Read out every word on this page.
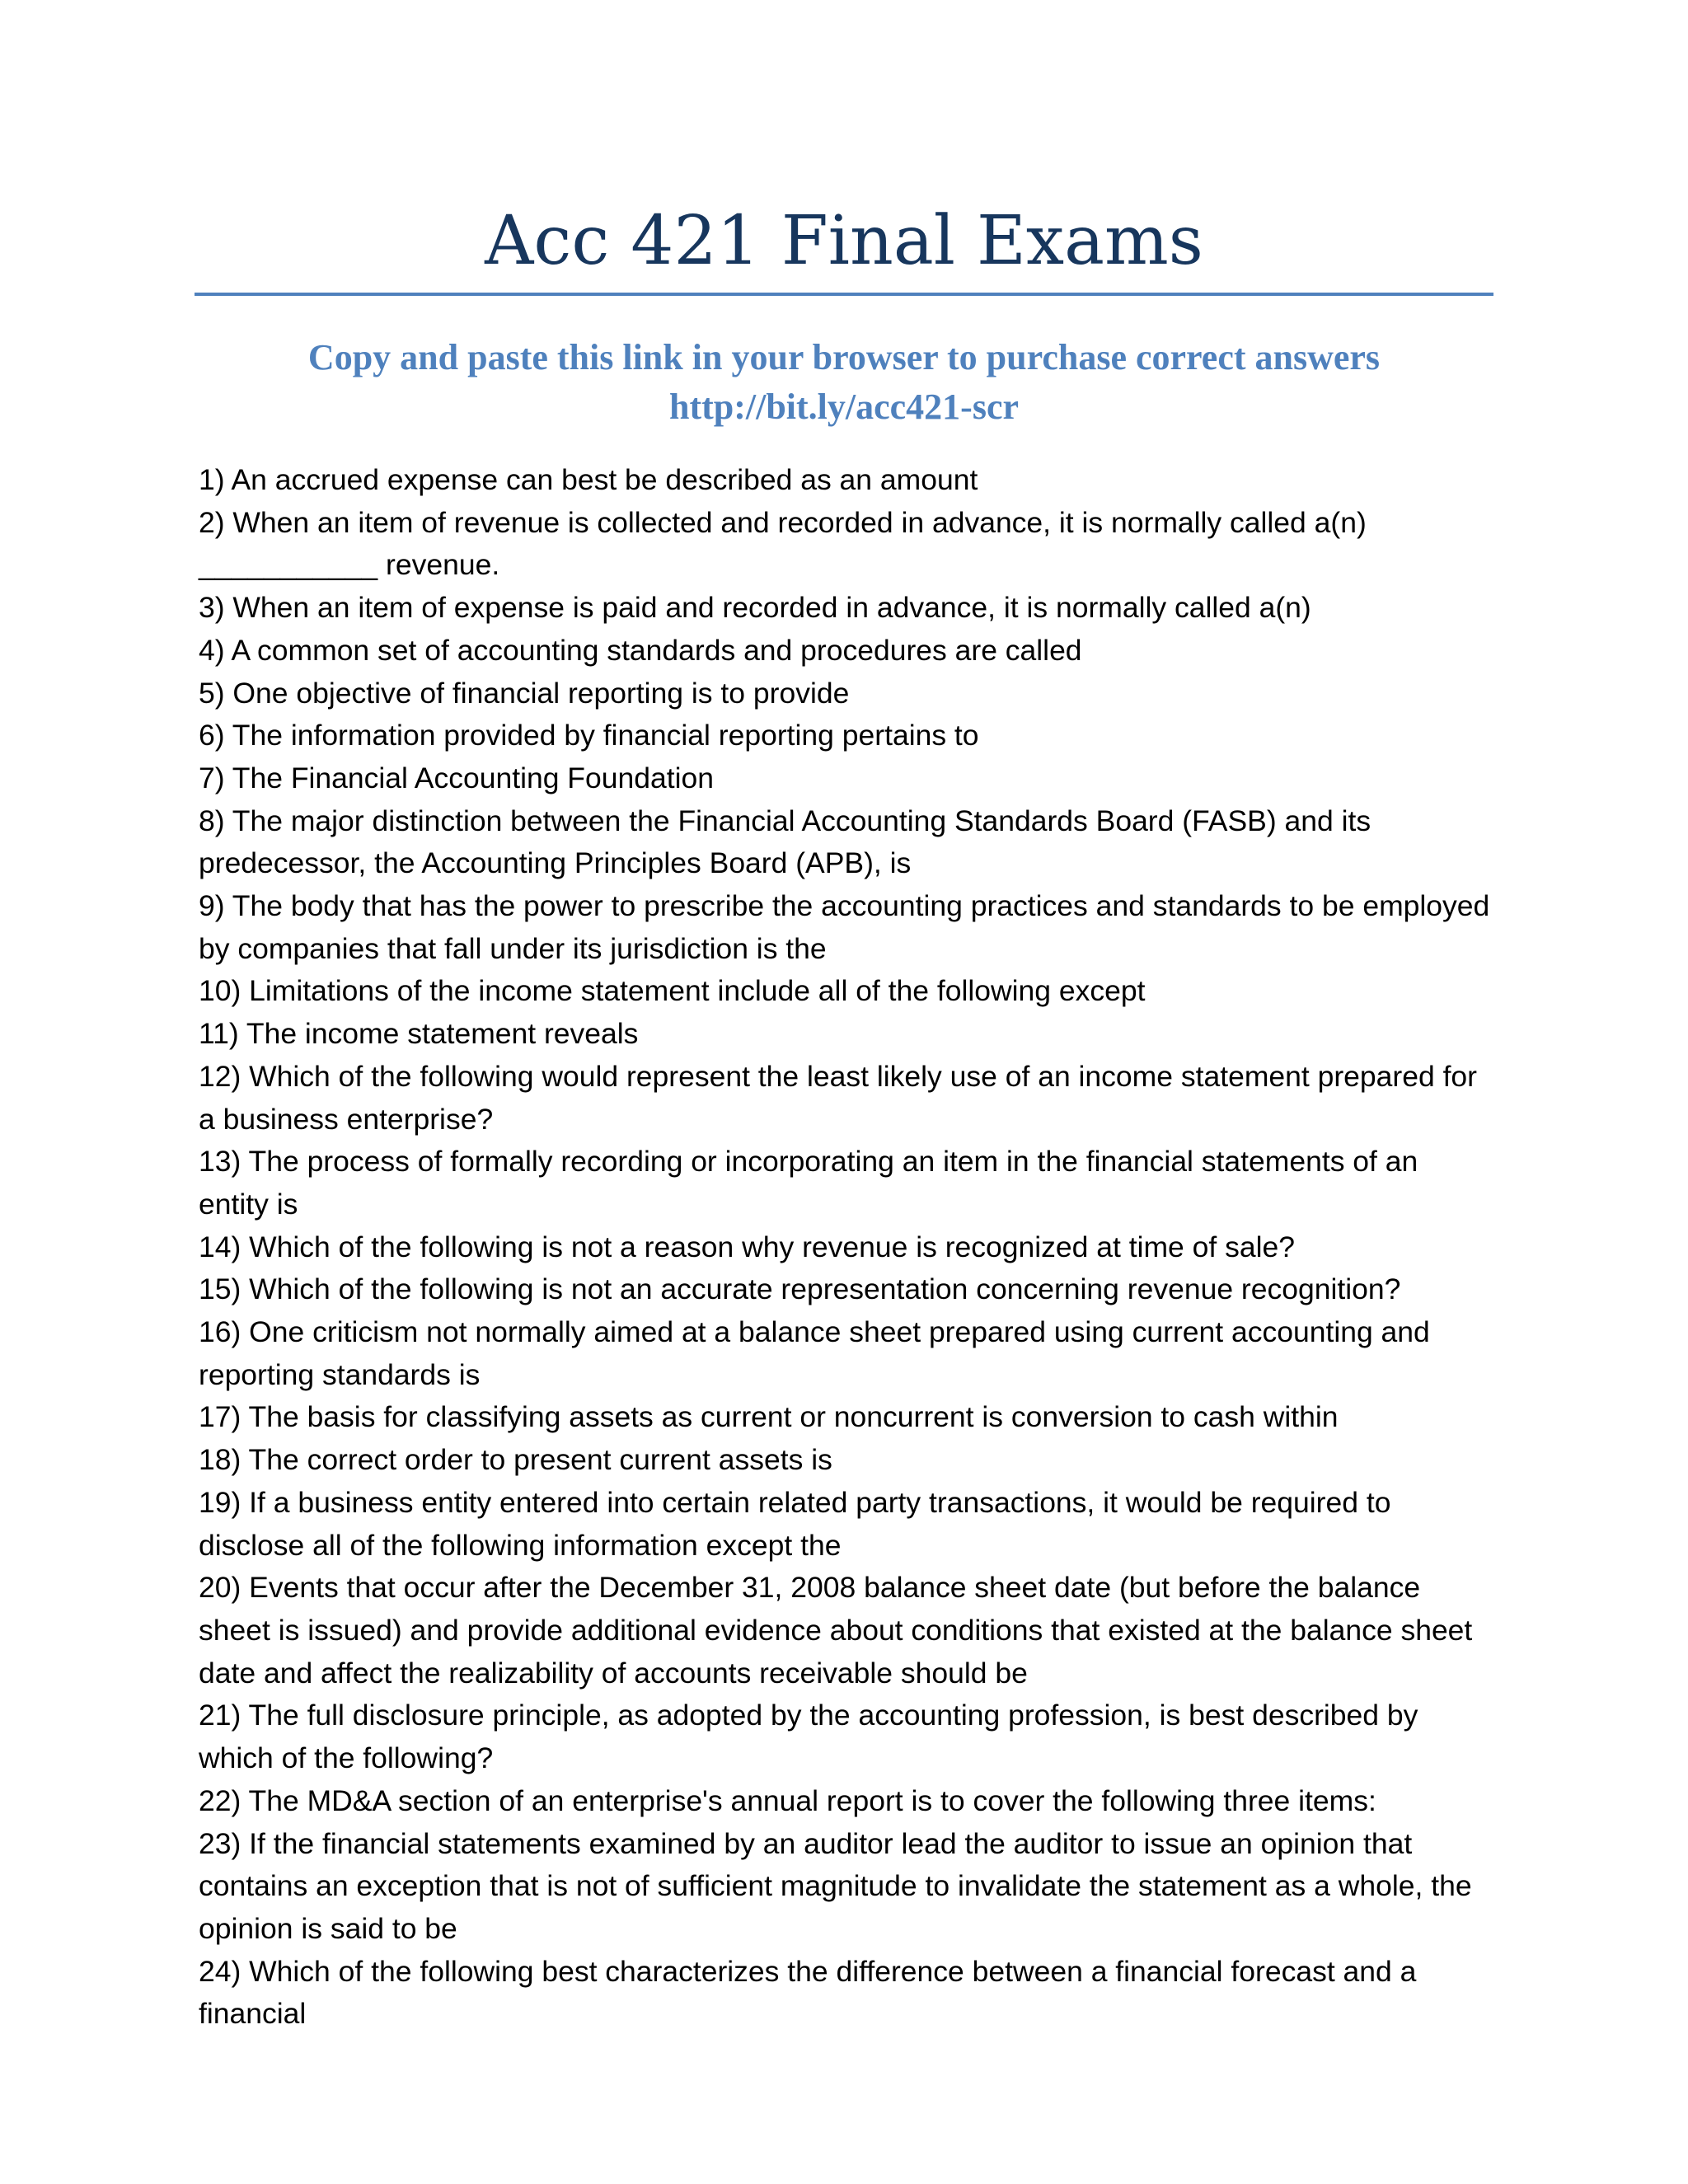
Acc 421 Final Exams
Copy and paste this link in your browser to purchase correct answers
http://bit.ly/acc421-scr
1) An accrued expense can best be described as an amount
2) When an item of revenue is collected and recorded in advance, it is normally called a(n) ___________ revenue.
3) When an item of expense is paid and recorded in advance, it is normally called a(n)
4) A common set of accounting standards and procedures are called
5) One objective of financial reporting is to provide
6) The information provided by financial reporting pertains to
7) The Financial Accounting Foundation
8) The major distinction between the Financial Accounting Standards Board (FASB) and its predecessor, the Accounting Principles Board (APB), is
9) The body that has the power to prescribe the accounting practices and standards to be employed by companies that fall under its jurisdiction is the
10) Limitations of the income statement include all of the following except
11) The income statement reveals
12) Which of the following would represent the least likely use of an income statement prepared for a business enterprise?
13) The process of formally recording or incorporating an item in the financial statements of an entity is
14) Which of the following is not a reason why revenue is recognized at time of sale?
15) Which of the following is not an accurate representation concerning revenue recognition?
16) One criticism not normally aimed at a balance sheet prepared using current accounting and reporting standards is
17) The basis for classifying assets as current or noncurrent is conversion to cash within
18) The correct order to present current assets is
19) If a business entity entered into certain related party transactions, it would be required to disclose all of the following information except the
20) Events that occur after the December 31, 2008 balance sheet date (but before the balance sheet is issued) and provide additional evidence about conditions that existed at the balance sheet date and affect the realizability of accounts receivable should be
21) The full disclosure principle, as adopted by the accounting profession, is best described by which of the following?
22) The MD&A section of an enterprise's annual report is to cover the following three items:
23) If the financial statements examined by an auditor lead the auditor to issue an opinion that contains an exception that is not of sufficient magnitude to invalidate the statement as a whole, the opinion is said to be
24) Which of the following best characterizes the difference between a financial forecast and a financial
